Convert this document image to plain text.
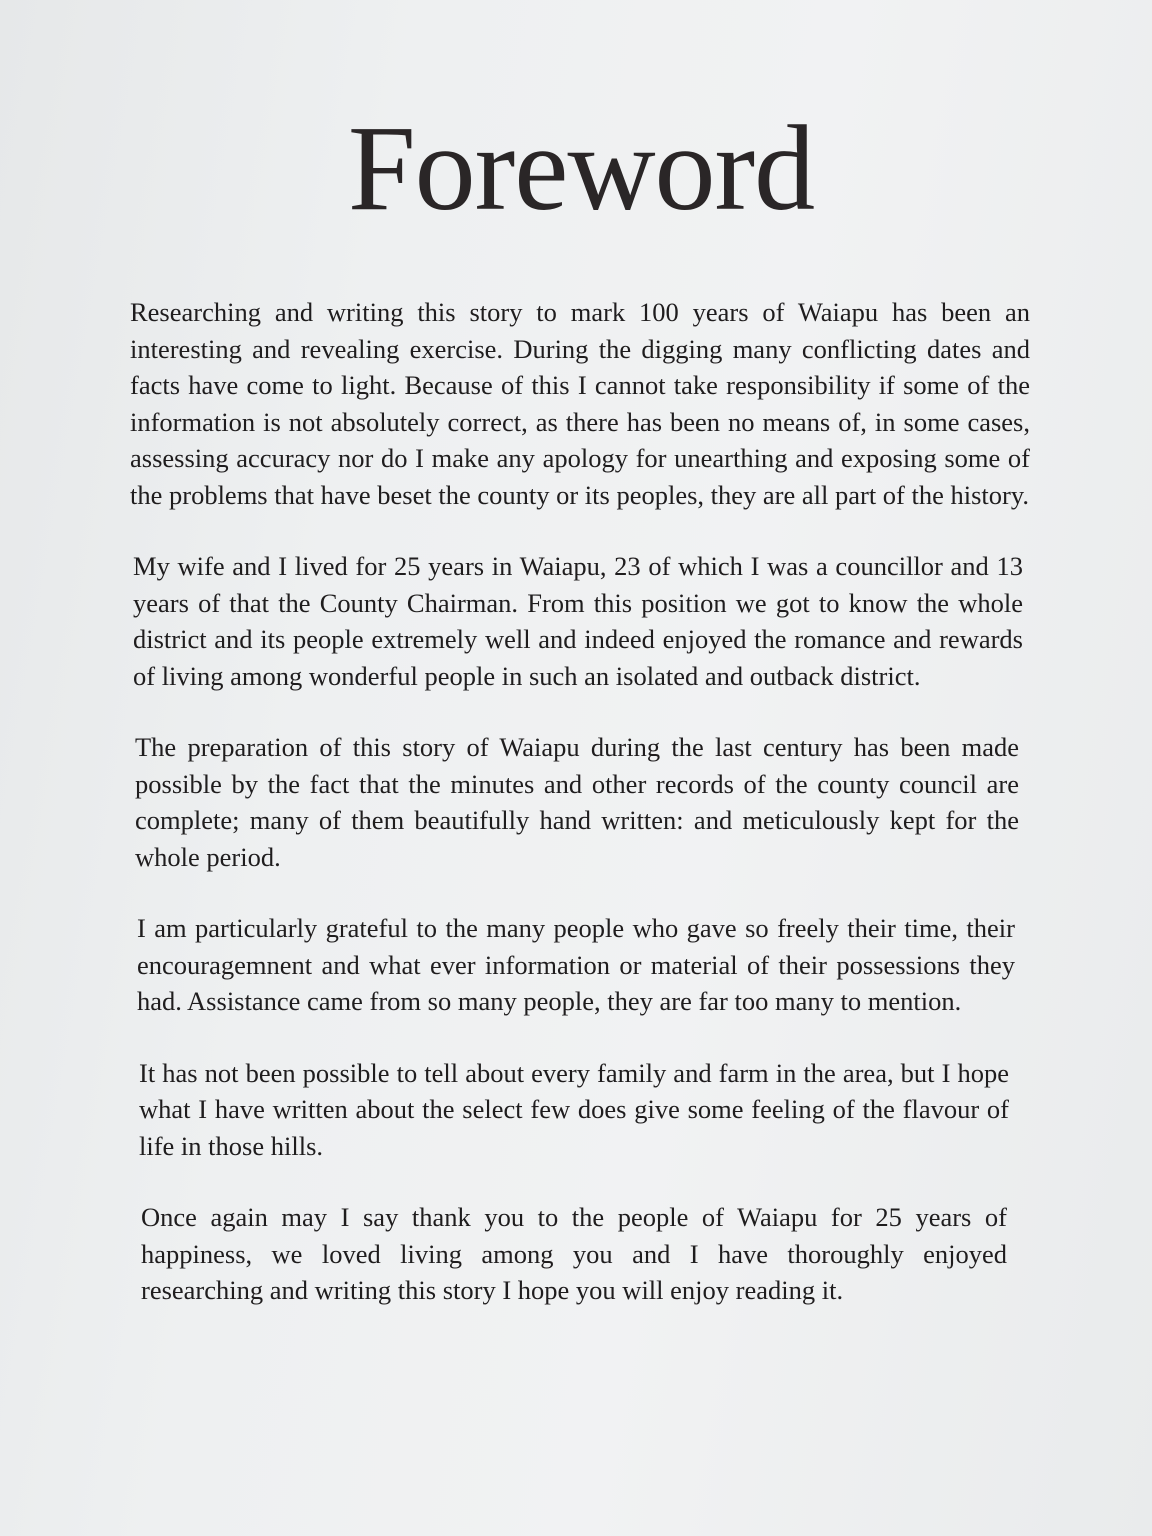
Foreword

Researching and writing this story to mark 100 years of Waiapu has been an interesting and revealing exercise. During the digging many conflicting dates and facts have come to light. Because of this I cannot take responsibility if some of the information is not absolutely correct, as there has been no means of, in some cases, assessing accuracy nor do I make any apology for unearthing and exposing some of the problems that have beset the county or its peoples, they are all part of the history.

My wife and I lived for 25 years in Waiapu, 23 of which I was a councillor and 13 years of that the County Chairman. From this position we got to know the whole district and its people extremely well and indeed enjoyed the romance and rewards of living among wonderful people in such an isolated and outback district.

The preparation of this story of Waiapu during the last century has been made possible by the fact that the minutes and other records of the county council are complete; many of them beautifully hand written: and meticulously kept for the whole period.

I am particularly grateful to the many people who gave so freely their time, their encouragemnent and what ever information or material of their possessions they had. Assistance came from so many people, they are far too many to mention.

It has not been possible to tell about every family and farm in the area, but I hope what I have written about the select few does give some feeling of the flavour of life in those hills.

Once again may I say thank you to the people of Waiapu for 25 years of happiness, we loved living among you and I have thoroughly enjoyed researching and writing this story I hope you will enjoy reading it.
